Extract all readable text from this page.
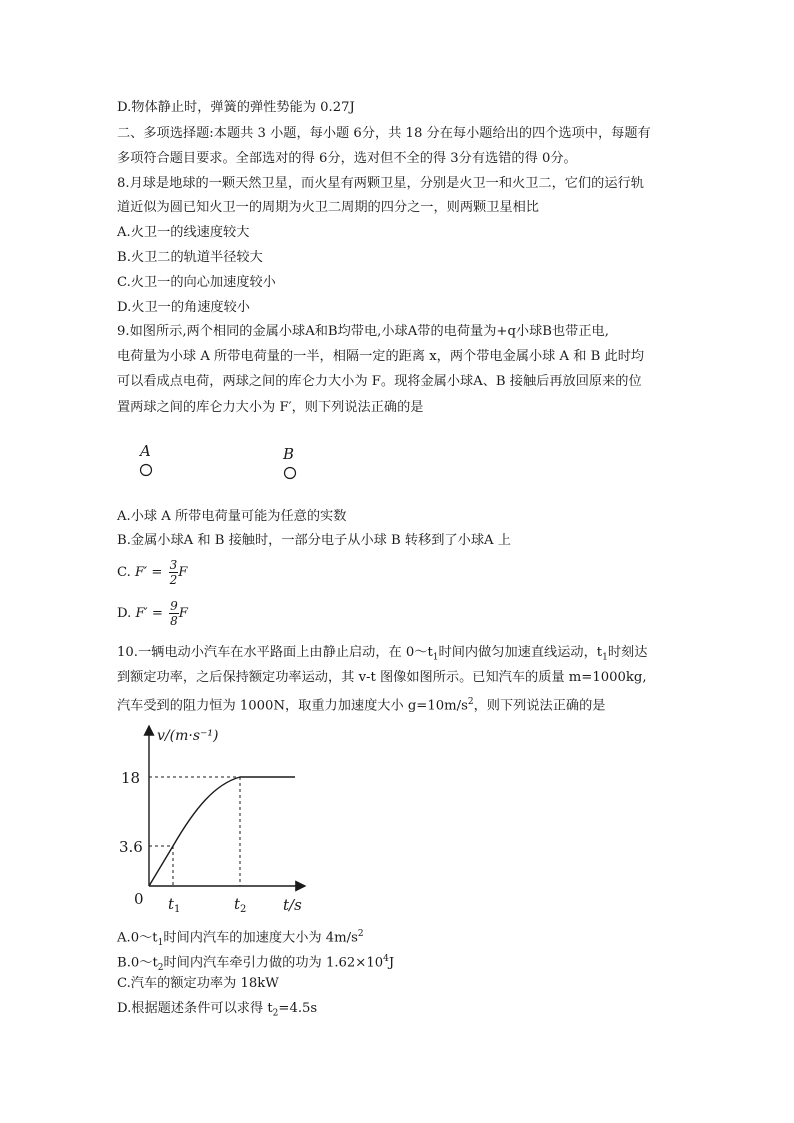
D.物体静止时，弹簧的弹性势能为 0.27J
二、多项选择题:本题共 3 小题，每小题 6分，共 18 分在每小题给出的四个选项中，每题有
多项符合题目要求。全部选对的得 6分，选对但不全的得 3分有选错的得 0分。
8.月球是地球的一颗天然卫星，而火星有两颗卫星，分别是火卫一和火卫二，它们的运行轨
道近似为圆已知火卫一的周期为火卫二周期的四分之一，则两颗卫星相比
A.火卫一的线速度较大
B.火卫二的轨道半径较大
C.火卫一的向心加速度较小
D.火卫一的角速度较小
9.如图所示,两个相同的金属小球A和B均带电,小球A带的电荷量为+q小球B也带正电,
电荷量为小球 A 所带电荷量的一半，相隔一定的距离 x，两个带电金属小球 A 和 B 此时均
可以看成点电荷，两球之间的库仑力大小为 F。现将金属小球A、B 接触后再放回原来的位
置两球之间的库仑力大小为 F′，则下列说法正确的是
A	B
A.小球 A 所带电荷量可能为任意的实数
B.金属小球A 和 B 接触时，一部分电子从小球 B 转移到了小球A 上
C. $F' = \frac{3}{2}$ F
D. $F' = \frac{9}{8}$ F
10.一辆电动小汽车在水平路面上由静止启动，在 $0\sim t_1$时间内做匀加速直线运动，$t_1$时刻达
到额定功率，之后保持额定功率运动，其 v-t 图像如图所示。已知汽车的质量 m=1000kg,
汽车受到的阻力恒为 1000N，取重力加速度大小 $g=10m/s^2$，则下列说法正确的是
v/(m·s⁻¹)
18
3.6
0 $t_1$	$t_2$ t/s
$A.0\sim t_1$时间内汽车的加速度大小为 $4m/s^2$
$B.0\sim t_2$时间内汽车牵引力做的功为 $1.62\times 10^4J$
C.汽车的额定功率为 18kW
D.根据题述条件可以求得 $t_2=4.5s$
